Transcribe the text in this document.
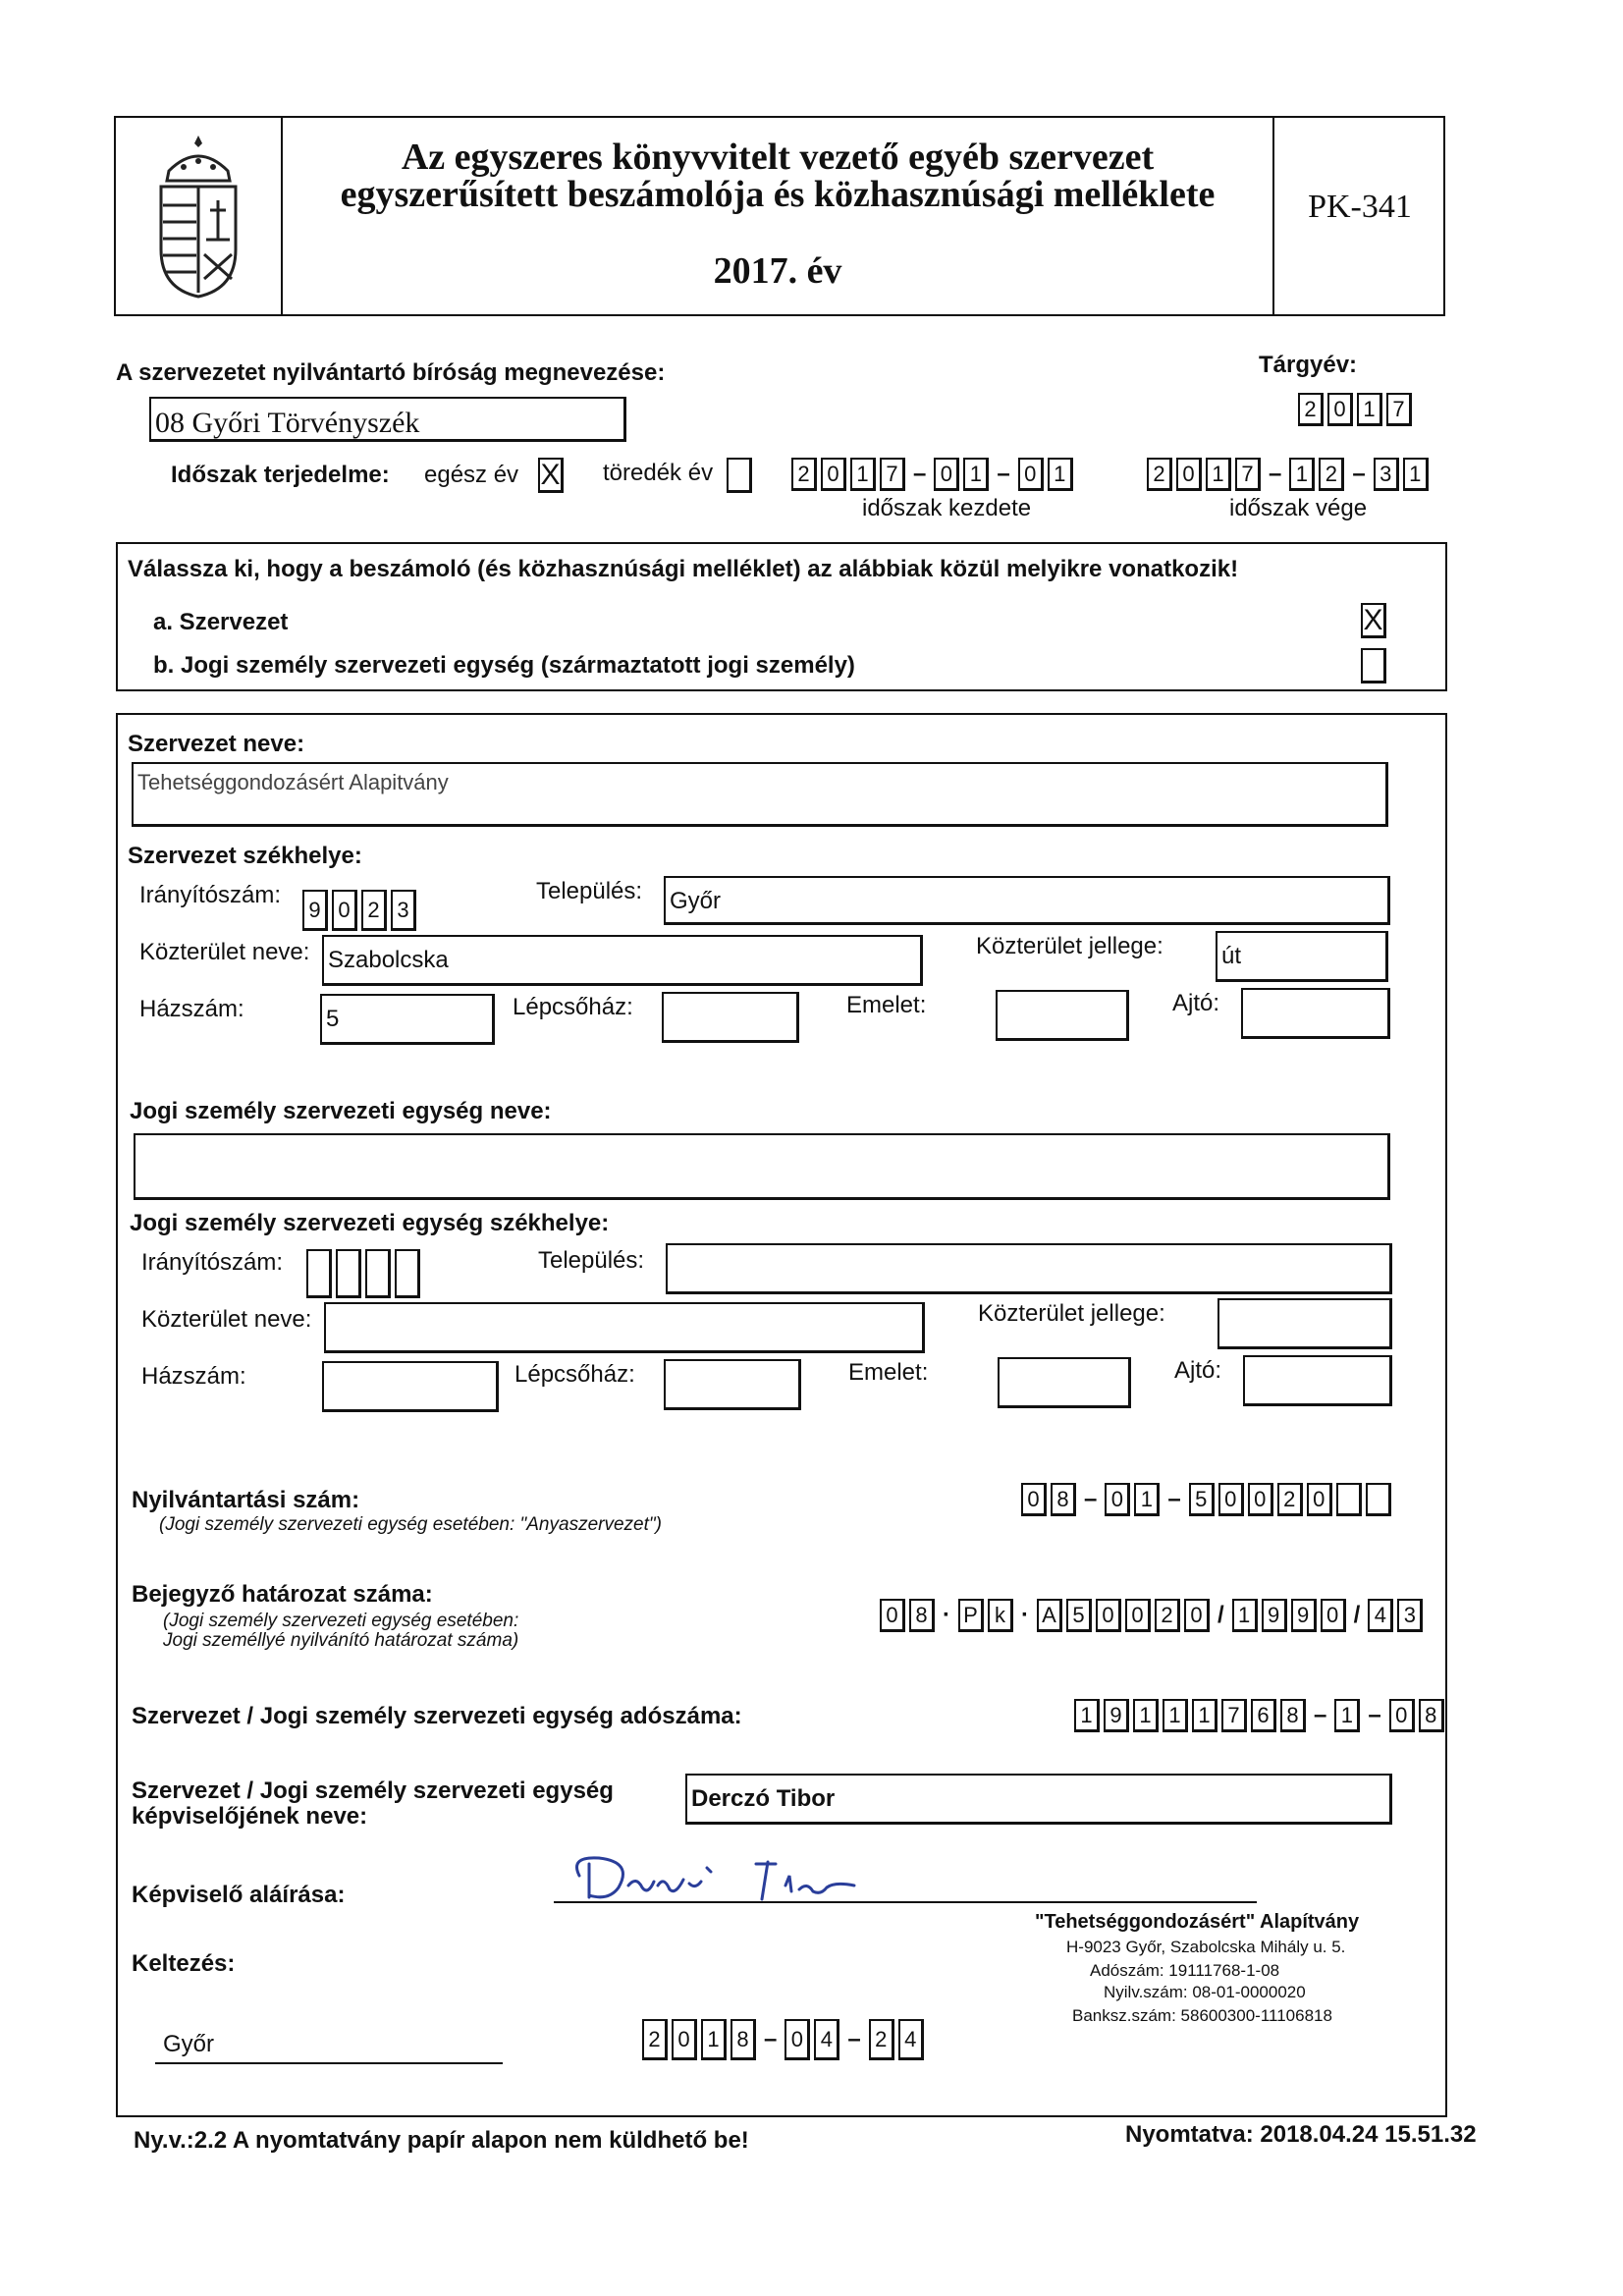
Az egyszeres könyvvitelt vezető egyéb szervezet
egyszerűsített beszámolója és közhasznúsági melléklete
2017. év
PK-341
A szervezetet nyilvántartó bíróság megnevezése:	Tárgyév:
2 0 1 7
08 Győri Törvényszék
Időszak terjedelme: egész év X töredék év	2 0 1 7 – 0 1 – 0 1
időszak kezdete
2 0 1 7 – 1 2 – 3 1
időszak vége
Válassza ki, hogy a beszámoló (és közhasznúsági melléklet) az alábbiak közül melyikre vonatkozik!
a. Szervezet	X
b. Jogi személy szervezeti egység (származtatott jogi személy)
Szervezet neve:
Tehetséggondozásért Alapitvány
Szervezet székhelye:
Irányítószám:
9 0 2 3
Település: Győr
Közterület neve: Szabolcska
Közterület jellege: út
Házszám:	5	Lépcsőház:	Emelet:	Ajtó:
Jogi személy szervezeti egység neve:
Jogi személy szervezeti egység székhelye:
Irányítószám:	Település:
Közterület neve:	Közterület jellege:
Házszám:	Lépcsőház:	Emelet:	Ajtó:
Nyilvántartási szám:
(Jogi személy szervezeti egység esetében: "Anyaszervezet")
0 8 – 0 1 – 5 0 0 2 0
Bejegyző határozat száma:
(Jogi személy szervezeti egység esetében:
Jogi személlyé nyilvánító határozat száma)
0 8 · P k · A 5 0 0 2 0 / 1 9 9 0 / 4 3
Szervezet / Jogi személy szervezeti egység adószáma:	1 9 1 1 1 7 6 8 – 1 – 0 8
Szervezet / Jogi személy szervezeti egység
képviselőjének neve:
Derczó Tibor
Képviselő aláírása:
"Tehetséggondozásért" Alapítvány
H-9023 Győr, Szabolcska Mihály u. 5.
Adószám: 19111768-1-08
Nyilv.szám: 08-01-0000020
Banksz.szám: 58600300-11106818
Keltezés:
Győr	2 0 1 8 – 0 4 – 2 4
Ny.v.:2.2 A nyomtatvány papír alapon nem küldhető be!	Nyomtatva: 2018.04.24 15.51.32
